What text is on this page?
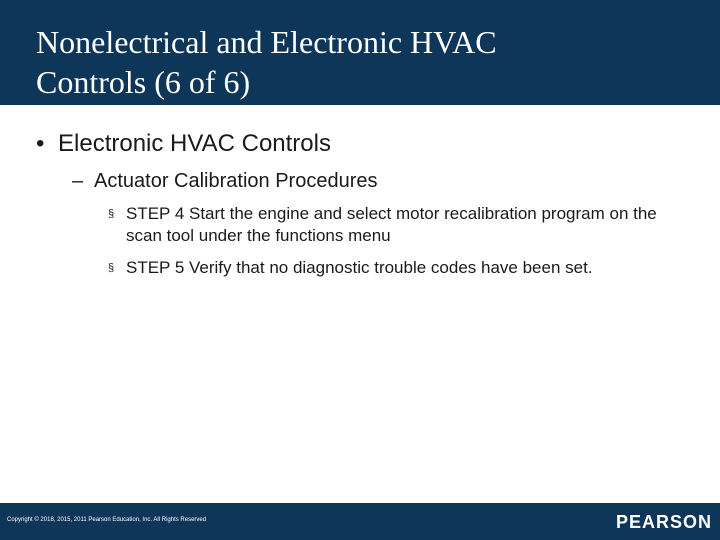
Nonelectrical and Electronic HVAC
Controls (6 of 6)
• Electronic HVAC Controls
– Actuator Calibration Procedures
§ STEP 4 Start the engine and select motor recalibration program on the scan tool under the functions menu
§ STEP 5 Verify that no diagnostic trouble codes have been set.
Copyright © 2018, 2015, 2011 Pearson Education, Inc. All Rights Reserved	PEARSON
